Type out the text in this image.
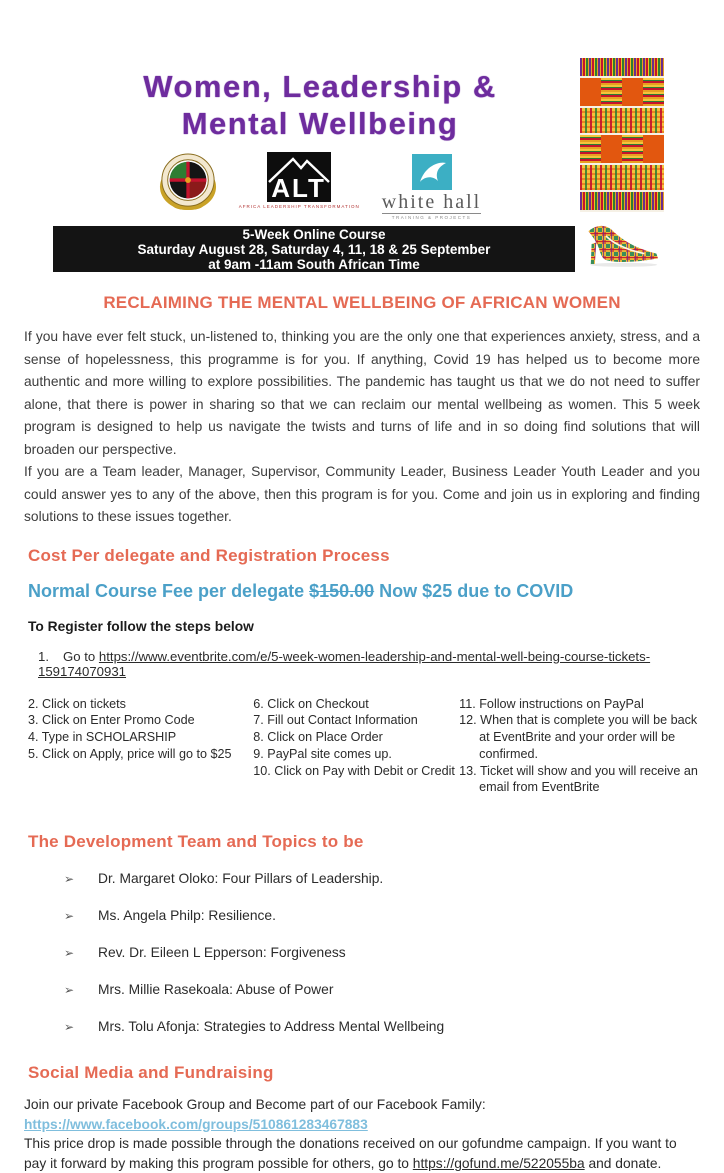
Women, Leadership &
Mental Wellbeing
ALT
AFRICA LEADERSHIP TRANSFORMATION white hall
TRAINING & PROJECTS
5-Week Online Course
Saturday August 28, Saturday 4, 11, 18 & 25 September
at 9am -11am South African Time
RECLAIMING THE MENTAL WELLBEING OF AFRICAN WOMEN

If you have ever felt stuck, un-listened to, thinking you are the only one that experiences anxiety, stress, and a sense of hopelessness, this programme is for you. If anything, Covid 19 has helped us to become more authentic and more willing to explore possibilities. The pandemic has taught us that we do not need to suffer alone, that there is power in sharing so that we can reclaim our mental wellbeing as women. This 5 week program is designed to help us navigate the twists and turns of life and in so doing find solutions that will broaden our perspective.

If you are a Team leader, Manager, Supervisor, Community Leader, Business Leader Youth Leader and you could answer yes to any of the above, then this program is for you. Come and join us in exploring and finding solutions to these issues together.

Cost Per delegate and Registration Process
Normal Course Fee per delegate $150.00 Now $25 due to COVID
To Register follow the steps below
1. Go to https://www.eventbrite.com/e/5-week-women-leadership-and-mental-well-being-course-tickets-159174070931
2. Click on tickets
3. Click on Enter Promo Code
4. Type in SCHOLARSHIP
5. Click on Apply, price will go to $25
6. Click on Checkout
7. Fill out Contact Information
8. Click on Place Order
9. PayPal site comes up.
10. Click on Pay with Debit or Credit
11. Follow instructions on PayPal
12. When that is complete you will be back at EventBrite and your order will be confirmed.
13. Ticket will show and you will receive an email from EventBrite
The Development Team and Topics to be
➢	Dr. Margaret Oloko: Four Pillars of Leadership.
➢	Ms. Angela Philp: Resilience.
➢	Rev. Dr. Eileen L Epperson: Forgiveness
➢	Mrs. Millie Rasekoala: Abuse of Power
➢	Mrs. Tolu Afonja: Strategies to Address Mental Wellbeing
Social Media and Fundraising

Join our private Facebook Group and Become part of our Facebook Family:
https://www.facebook.com/groups/510861283467883

This price drop is made possible through the donations received on our gofundme campaign. If you want to pay it forward by making this program possible for others, go to https://gofund.me/522055ba and donate.
